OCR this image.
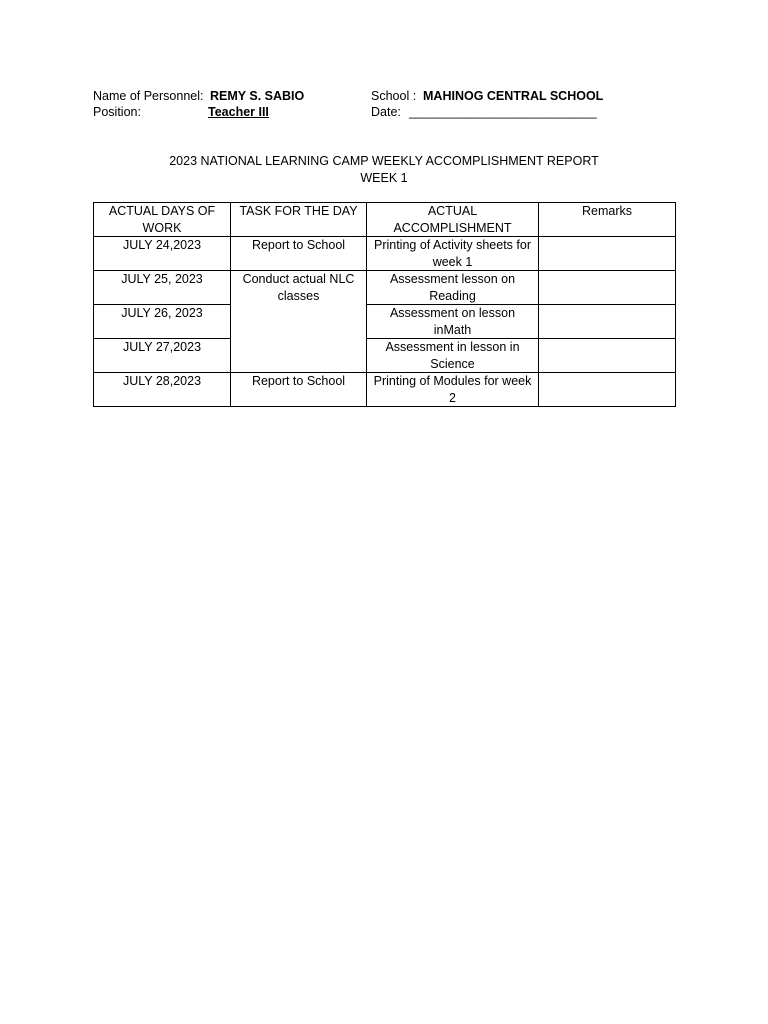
Name of Personnel: REMY S. SABIO	School : MAHINOG CENTRAL SCHOOL
Position:	Teacher III	Date: ___________________________
2023 NATIONAL LEARNING CAMP WEEKLY ACCOMPLISHMENT REPORT
WEEK 1
ACTUAL DAYS OF WORK	TASK FOR THE DAY	ACTUAL ACCOMPLISHMENT	Remarks
JULY 24,2023	Report to School	Printing of Activity sheets for week 1	
JULY 25, 2023	Conduct actual NLC classes	Assessment lesson on Reading	
JULY 26, 2023		Assessment on lesson inMath	
JULY 27,2023		Assessment in lesson in Science	
JULY 28,2023	Report to School	Printing of Modules for week 2	
